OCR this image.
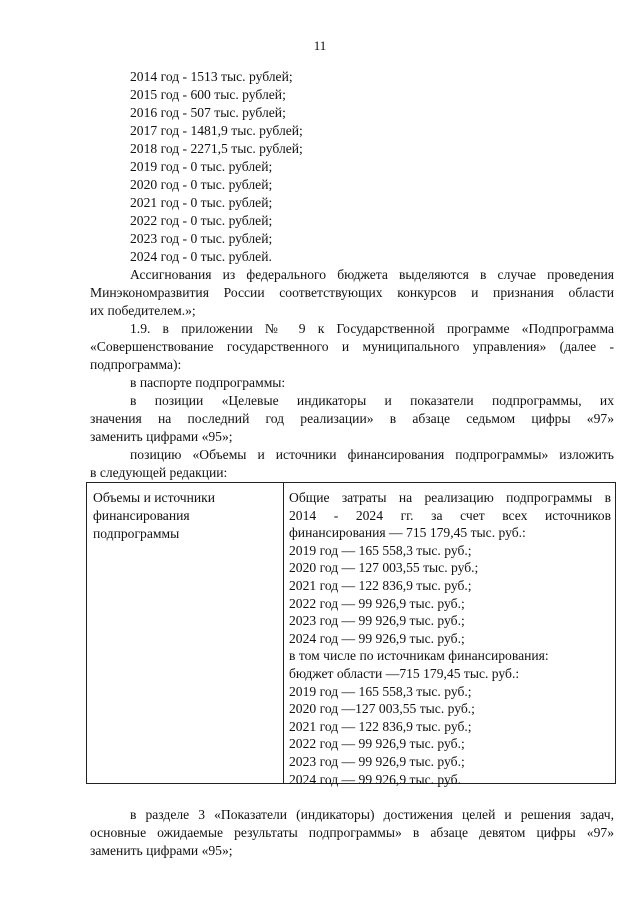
11
2014 год - 1513 тыс. рублей;
2015 год - 600 тыс. рублей;
2016 год - 507 тыс. рублей;
2017 год - 1481,9 тыс. рублей;
2018 год - 2271,5 тыс. рублей;
2019 год - 0 тыс. рублей;
2020 год - 0 тыс. рублей;
2021 год - 0 тыс. рублей;
2022 год - 0 тыс. рублей;
2023 год - 0 тыс. рублей;
2024 год - 0 тыс. рублей.
Ассигнования из федерального бюджета выделяются в случае проведения
Минэкономразвития России соответствующих конкурсов и признания области
их победителем.»;
1.9. в приложении № 9 к Государственной программе «Подпрограмма
«Совершенствование государственного и муниципального управления» (далее -
подпрограмма):
в паспорте подпрограммы:
в позиции «Целевые индикаторы и показатели подпрограммы, их
значения на последний год реализации» в абзаце седьмом цифры «97»
заменить цифрами «95»;
позицию «Объемы и источники финансирования подпрограммы» изложить
в следующей редакции:
Объемы и источники
финансирования
подпрограммы
Общие затраты на реализацию подпрограммы в
2014 - 2024 гг. за счет всех источников
финансирования — 715 179,45 тыс. руб.:
2019 год — 165 558,3 тыс. руб.;
2020 год — 127 003,55 тыс. руб.;
2021 год — 122 836,9 тыс. руб.;
2022 год — 99 926,9 тыс. руб.;
2023 год — 99 926,9 тыс. руб.;
2024 год — 99 926,9 тыс. руб.;
в том числе по источникам финансирования:
бюджет области —715 179,45 тыс. руб.:
2019 год — 165 558,3 тыс. руб.;
2020 год —127 003,55 тыс. руб.;
2021 год — 122 836,9 тыс. руб.;
2022 год — 99 926,9 тыс. руб.;
2023 год — 99 926,9 тыс. руб.;
2024 год — 99 926,9 тыс. руб.
в разделе 3 «Показатели (индикаторы) достижения целей и решения задач,
основные ожидаемые результаты подпрограммы» в абзаце девятом цифры «97»
заменить цифрами «95»;
